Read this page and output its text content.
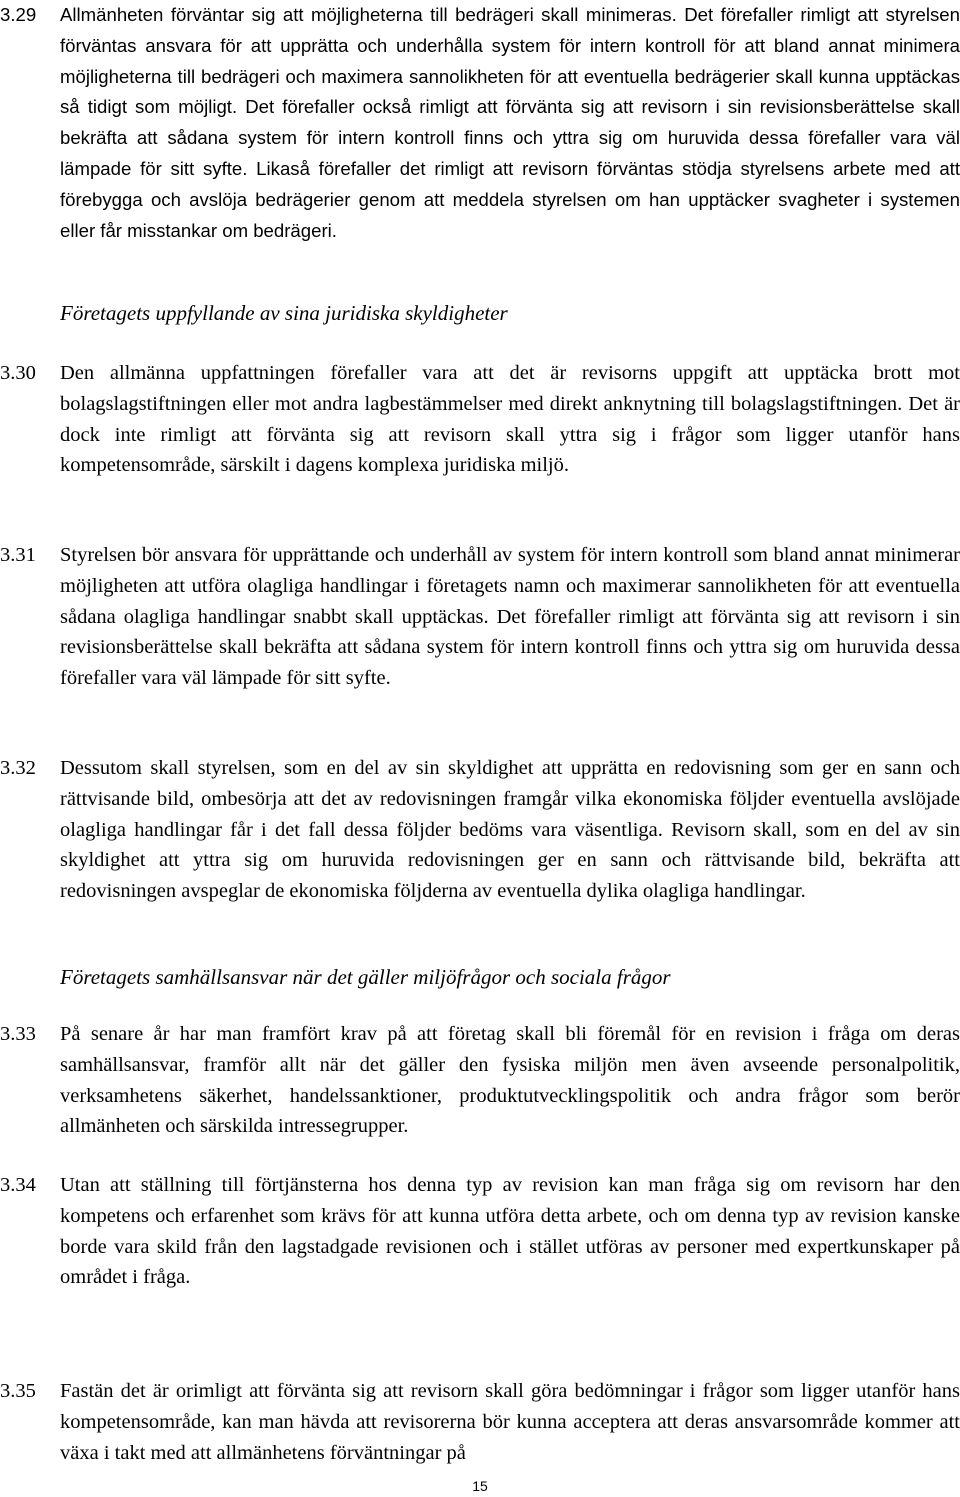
3.29 Allmänheten förväntar sig att möjligheterna till bedrägeri skall minimeras. Det förefaller rimligt att styrelsen förväntas ansvara för att upprätta och underhålla system för intern kontroll för att bland annat minimera möjligheterna till bedrägeri och maximera sannolikheten för att eventuella bedrägerier skall kunna upptäckas så tidigt som möjligt. Det förefaller också rimligt att förvänta sig att revisorn i sin revisionsberättelse skall bekräfta att sådana system för intern kontroll finns och yttra sig om huruvida dessa förefaller vara väl lämpade för sitt syfte. Likaså förefaller det rimligt att revisorn förväntas stödja styrelsens arbete med att förebygga och avslöja bedrägerier genom att meddela styrelsen om han upptäcker svagheter i systemen eller får misstankar om bedrägeri.
Företagets uppfyllande av sina juridiska skyldigheter
3.30 Den allmänna uppfattningen förefaller vara att det är revisorns uppgift att upptäcka brott mot bolagslagstiftningen eller mot andra lagbestämmelser med direkt anknytning till bolagslagstiftningen. Det är dock inte rimligt att förvänta sig att revisorn skall yttra sig i frågor som ligger utanför hans kompetensområde, särskilt i dagens komplexa juridiska miljö.
3.31 Styrelsen bör ansvara för upprättande och underhåll av system för intern kontroll som bland annat minimerar möjligheten att utföra olagliga handlingar i företagets namn och maximerar sannolikheten för att eventuella sådana olagliga handlingar snabbt skall upptäckas. Det förefaller rimligt att förvänta sig att revisorn i sin revisionsberättelse skall bekräfta att sådana system för intern kontroll finns och yttra sig om huruvida dessa förefaller vara väl lämpade för sitt syfte.
3.32 Dessutom skall styrelsen, som en del av sin skyldighet att upprätta en redovisning som ger en sann och rättvisande bild, ombesörja att det av redovisningen framgår vilka ekonomiska följder eventuella avslöjade olagliga handlingar får i det fall dessa följder bedöms vara väsentliga. Revisorn skall, som en del av sin skyldighet att yttra sig om huruvida redovisningen ger en sann och rättvisande bild, bekräfta att redovisningen avspeglar de ekonomiska följderna av eventuella dylika olagliga handlingar.
Företagets samhällsansvar när det gäller miljöfrågor och sociala frågor
3.33 På senare år har man framfört krav på att företag skall bli föremål för en revision i fråga om deras samhällsansvar, framför allt när det gäller den fysiska miljön men även avseende personalpolitik, verksamhetens säkerhet, handelssanktioner, produktutvecklingspolitik och andra frågor som berör allmänheten och särskilda intressegrupper.
3.34 Utan att ställning till förtjänsterna hos denna typ av revision kan man fråga sig om revisorn har den kompetens och erfarenhet som krävs för att kunna utföra detta arbete, och om denna typ av revision kanske borde vara skild från den lagstadgade revisionen och i stället utföras av personer med expertkunskaper på området i fråga.
3.35 Fastän det är orimligt att förvänta sig att revisorn skall göra bedömningar i frågor som ligger utanför hans kompetensområde, kan man hävda att revisorerna bör kunna acceptera att deras ansvarsområde kommer att växa i takt med att allmänhetens förväntningar på
15
